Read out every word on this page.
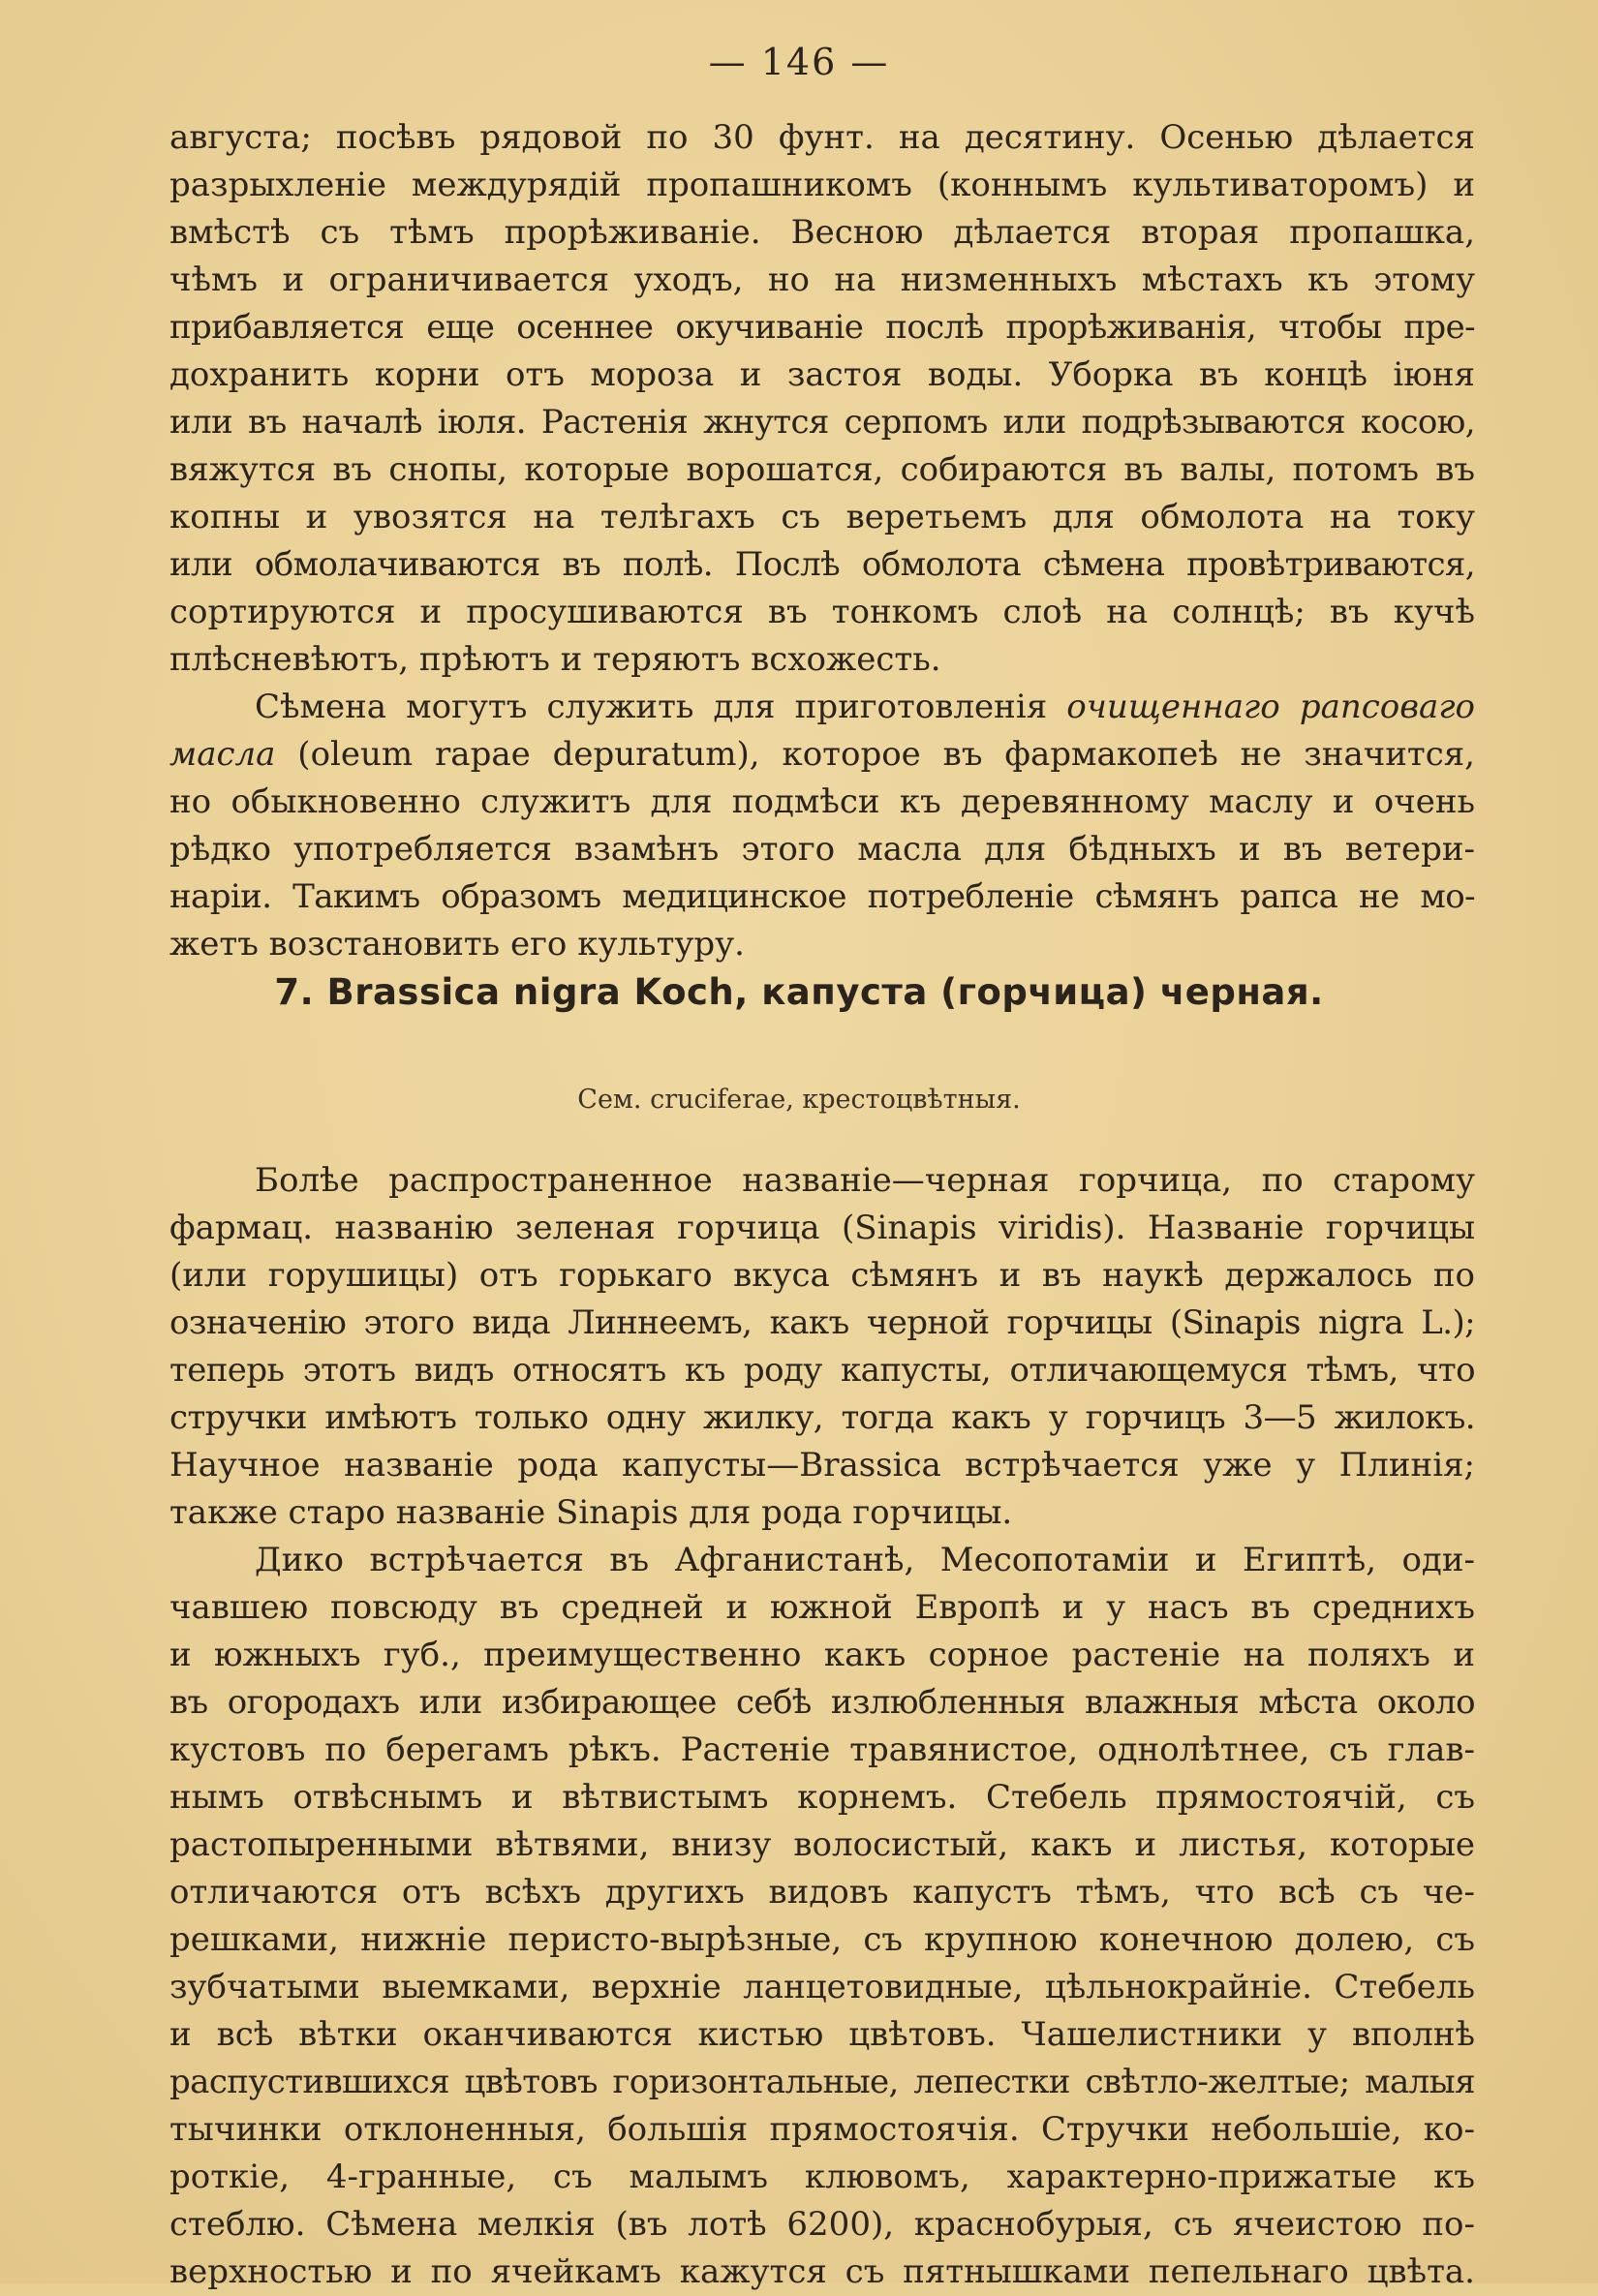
— 146 —
августа; посѣвъ рядовой по 30 фунт. на десятину. Осенью дѣлается
разрыхленіе междурядій пропашникомъ (коннымъ культиваторомъ) и
вмѣстѣ съ тѣмъ прорѣживаніе. Весною дѣлается вторая пропашка,
чѣмъ и ограничивается уходъ, но на низменныхъ мѣстахъ къ этому
прибавляется еще осеннее окучиваніе послѣ прорѣживанія, чтобы пре-
дохранить корни отъ мороза и застоя воды. Уборка въ концѣ іюня
или въ началѣ іюля. Растенія жнутся серпомъ или подрѣзываются косою,
вяжутся въ снопы, которые ворошатся, собираются въ валы, потомъ въ
копны и увозятся на телѣгахъ съ веретьемъ для обмолота на току
или обмолачиваются въ полѣ. Послѣ обмолота сѣмена провѣтриваются,
сортируются и просушиваются въ тонкомъ слоѣ на солнцѣ; въ кучѣ
плѣсневѣютъ, прѣютъ и теряютъ всхожесть.
Сѣмена могутъ служить для приготовленія очищеннаго рапсоваго
масла (oleum rapae depuratum), которое въ фармакопеѣ не значится,
но обыкновенно служитъ для подмѣси къ деревянному маслу и очень
рѣдко употребляется взамѣнъ этого масла для бѣдныхъ и въ ветери-
наріи. Такимъ образомъ медицинское потребленіе сѣмянъ рапса не мо-
жетъ возстановить его культуру.
7. Brassica nigra Koch, капуста (горчица) черная.
Сем. cruciferae, крестоцвѣтныя.
Болѣе распространенное названіе—черная горчица, по старому
фармац. названію зеленая горчица (Sinapis viridis). Названіе горчицы
(или горушицы) отъ горькаго вкуса сѣмянъ и въ наукѣ держалось по
означенію этого вида Линнеемъ, какъ черной горчицы (Sinapis nigra L.);
теперь этотъ видъ относятъ къ роду капусты, отличающемуся тѣмъ, что
стручки имѣютъ только одну жилку, тогда какъ у горчицъ 3—5 жилокъ.
Научное названіе рода капусты—Brassica встрѣчается уже у Плинія;
также старо названіе Sinapis для рода горчицы.
Дико встрѣчается въ Афганистанѣ, Месопотаміи и Египтѣ, оди-
чавшею повсюду въ средней и южной Европѣ и у насъ въ среднихъ
и южныхъ губ., преимущественно какъ сорное растеніе на поляхъ и
въ огородахъ или избирающее себѣ излюбленныя влажныя мѣста около
кустовъ по берегамъ рѣкъ. Растеніе травянистое, однолѣтнее, съ глав-
нымъ отвѣснымъ и вѣтвистымъ корнемъ. Стебель прямостоячій, съ
растопыренными вѣтвями, внизу волосистый, какъ и листья, которые
отличаются отъ всѣхъ другихъ видовъ капустъ тѣмъ, что всѣ съ че-
решками, нижніе перисто-вырѣзные, съ крупною конечною долею, съ
зубчатыми выемками, верхніе ланцетовидные, цѣльнокрайніе. Стебель
и всѣ вѣтки оканчиваются кистью цвѣтовъ. Чашелистники у вполнѣ
распустившихся цвѣтовъ горизонтальные, лепестки свѣтло-желтые; малыя
тычинки отклоненныя, большія прямостоячія. Стручки небольшіе, ко-
роткіе, 4-гранные, съ малымъ клювомъ, характерно-прижатые къ
стеблю. Сѣмена мелкія (въ лотѣ 6200), краснобурыя, съ ячеистою по-
верхностью и по ячейкамъ кажутся съ пятнышками пепельнаго цвѣта.
